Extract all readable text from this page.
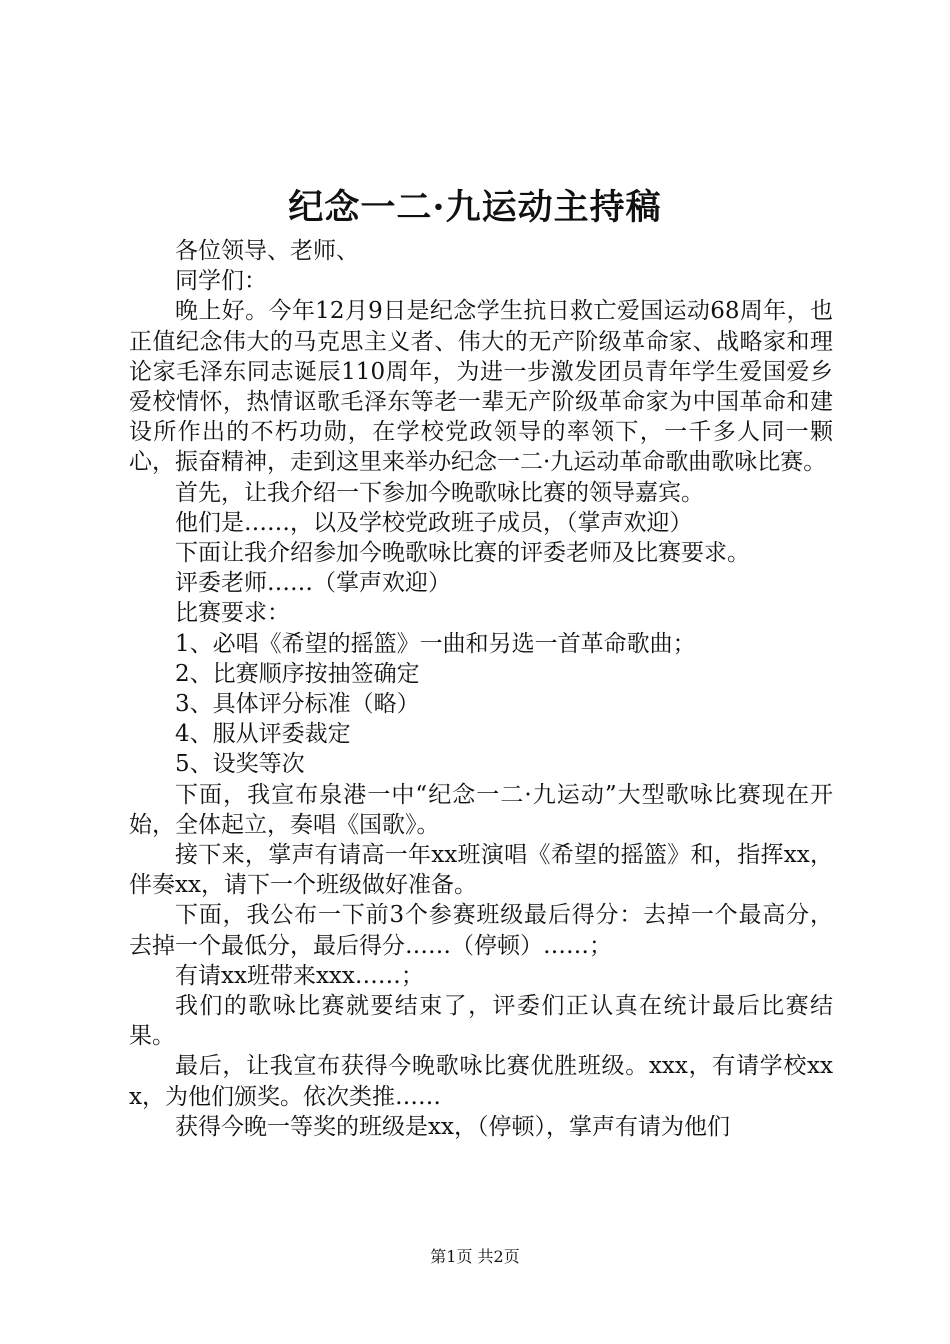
纪念一二·九运动主持稿

各位领导、老师、

同学们：

晚上好。今年12月9日是纪念学生抗日救亡爱国运动68周年，也正值纪念伟大的马克思主义者、伟大的无产阶级革命家、战略家和理论家毛泽东同志诞辰110周年，为进一步激发团员青年学生爱国爱乡爱校情怀，热情讴歌毛泽东等老一辈无产阶级革命家为中国革命和建设所作出的不朽功勋，在学校党政领导的率领下，一千多人同一颗心，振奋精神，走到这里来举办纪念一二·九运动革命歌曲歌咏比赛。

首先，让我介绍一下参加今晚歌咏比赛的领导嘉宾。

他们是……，以及学校党政班子成员，（掌声欢迎）

下面让我介绍参加今晚歌咏比赛的评委老师及比赛要求。

评委老师……（掌声欢迎）

比赛要求：

1、必唱《希望的摇篮》一曲和另选一首革命歌曲；

2、比赛顺序按抽签确定

3、具体评分标准（略）

4、服从评委裁定

5、设奖等次

下面，我宣布泉港一中“纪念一二·九运动”大型歌咏比赛现在开始，全体起立，奏唱《国歌》。

接下来，掌声有请高一年xx班演唱《希望的摇篮》和，指挥xx，伴奏xx，请下一个班级做好准备。

下面，我公布一下前3个参赛班级最后得分：去掉一个最高分，去掉一个最低分，最后得分……（停顿）……；

有请xx班带来xxx……；

我们的歌咏比赛就要结束了，评委们正认真在统计最后比赛结果。

最后，让我宣布获得今晚歌咏比赛优胜班级。xxx，有请学校xxx，为他们颁奖。依次类推……

获得今晚一等奖的班级是xx，（停顿），掌声有请为他们

第1页 共2页
